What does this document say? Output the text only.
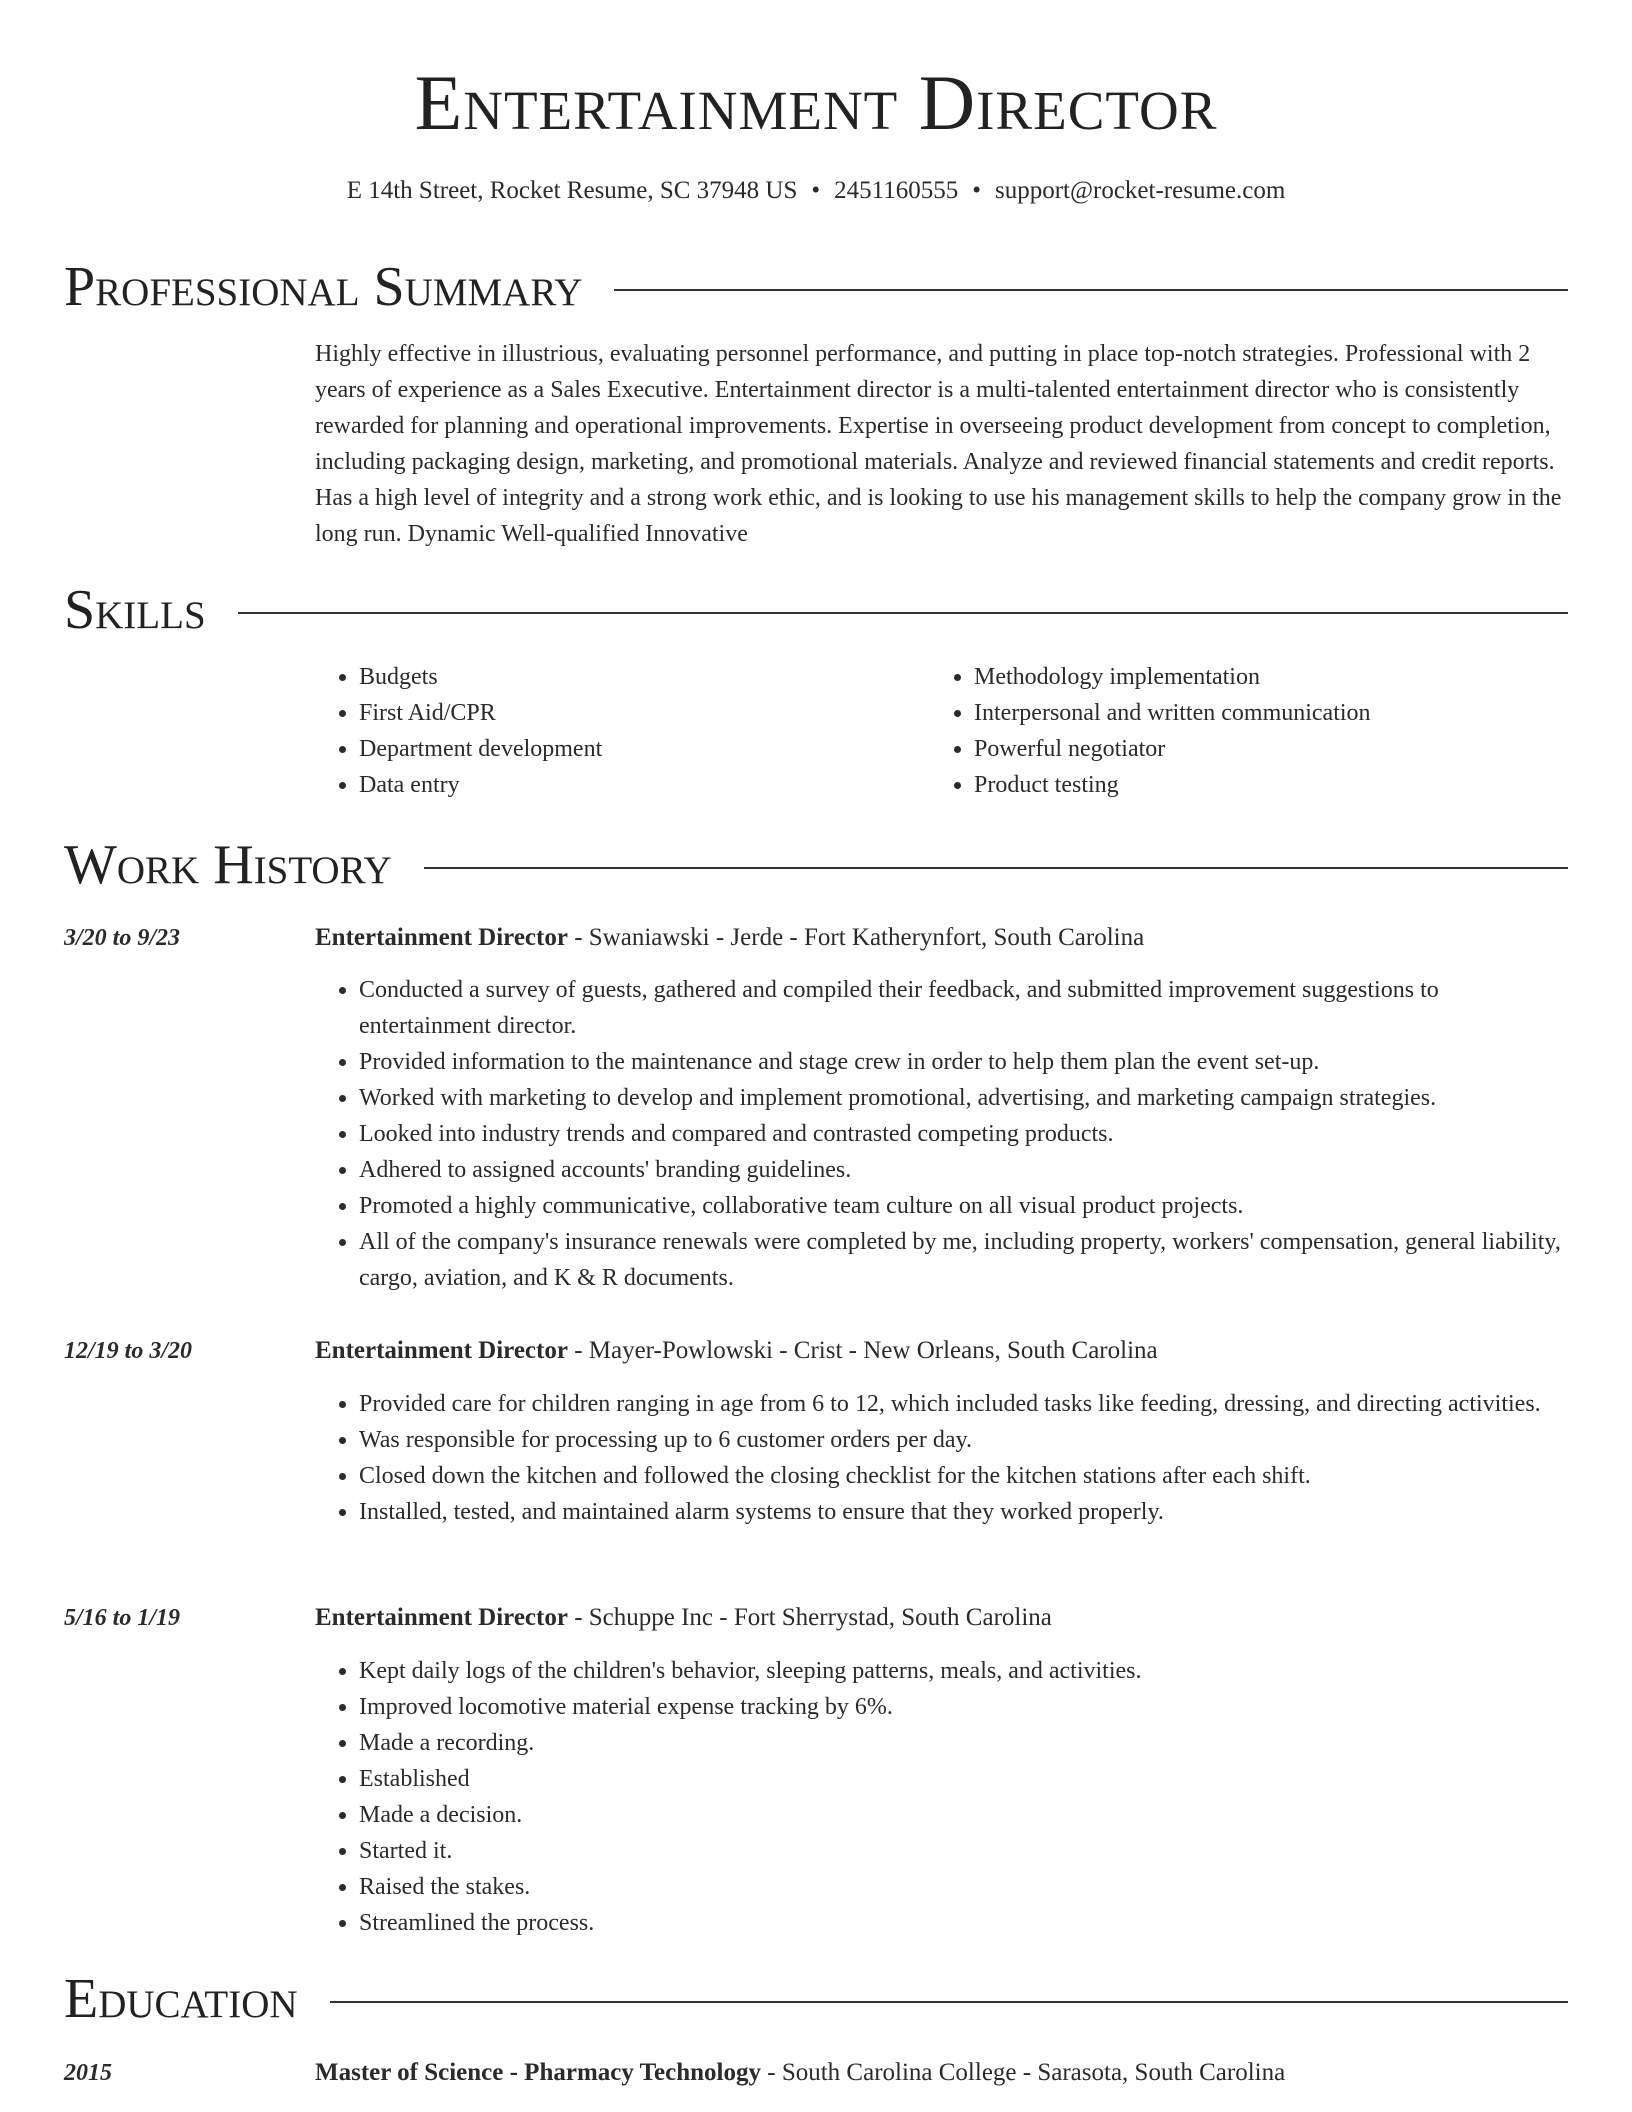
Entertainment Director
E 14th Street, Rocket Resume, SC 37948 US • 2451160555 • support@rocket-resume.com
Professional Summary

Highly effective in illustrious, evaluating personnel performance, and putting in place top-notch strategies. Professional with 2 years of experience as a Sales Executive. Entertainment director is a multi-talented entertainment director who is consistently rewarded for planning and operational improvements. Expertise in overseeing product development from concept to completion, including packaging design, marketing, and promotional materials. Analyze and reviewed financial statements and credit reports. Has a high level of integrity and a strong work ethic, and is looking to use his management skills to help the company grow in the long run. Dynamic Well-qualified Innovative

Skills
• Budgets
• First Aid/CPR
• Department development
• Data entry
• Methodology implementation
• Interpersonal and written communication
• Powerful negotiator
• Product testing
Work History
3/20 to 9/23	Entertainment Director - Swaniawski - Jerde - Fort Katherynfort, South Carolina
• Conducted a survey of guests, gathered and compiled their feedback, and submitted improvement suggestions to entertainment director.
• Provided information to the maintenance and stage crew in order to help them plan the event set-up.
• Worked with marketing to develop and implement promotional, advertising, and marketing campaign strategies.
• Looked into industry trends and compared and contrasted competing products.
• Adhered to assigned accounts' branding guidelines.
• Promoted a highly communicative, collaborative team culture on all visual product projects.
• All of the company's insurance renewals were completed by me, including property, workers' compensation, general liability, cargo, aviation, and K & R documents.
12/19 to 3/20	Entertainment Director - Mayer-Powlowski - Crist - New Orleans, South Carolina
• Provided care for children ranging in age from 6 to 12, which included tasks like feeding, dressing, and directing activities.
• Was responsible for processing up to 6 customer orders per day.
• Closed down the kitchen and followed the closing checklist for the kitchen stations after each shift.
• Installed, tested, and maintained alarm systems to ensure that they worked properly.
5/16 to 1/19	Entertainment Director - Schuppe Inc - Fort Sherrystad, South Carolina
• Kept daily logs of the children's behavior, sleeping patterns, meals, and activities.
• Improved locomotive material expense tracking by 6%.
• Made a recording.
• Established
• Made a decision.
• Started it.
• Raised the stakes.
• Streamlined the process.
Education
2015	Master of Science - Pharmacy Technology - South Carolina College - Sarasota, South Carolina
